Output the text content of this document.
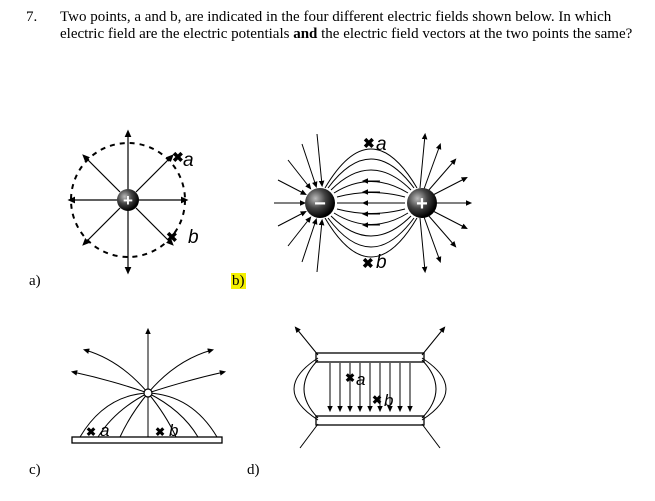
7. Two points, a and b, are indicated in the four different electric fields shown below. In which electric field are the electric potentials and the electric field vectors at the two points the same?
a)	b)
c)	d)
+
✖ a
✖ b
−	+
✖ a
✖ b
✖ a	✖ b
✖ a
✖ b
